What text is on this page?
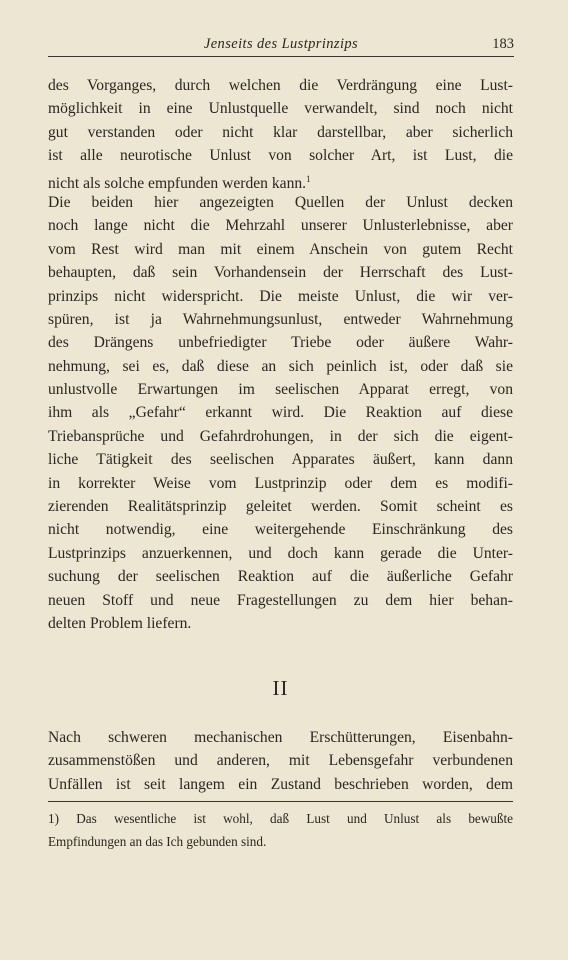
Jenseits des Lustprinzips	183
des Vorganges, durch welchen die Verdrängung eine Lust-
möglichkeit in eine Unlustquelle verwandelt, sind noch nicht
gut verstanden oder nicht klar darstellbar, aber sicherlich
ist alle neurotische Unlust von solcher Art, ist Lust, die
nicht als solche empfunden werden kann.$^1$
Die beiden hier angezeigten Quellen der Unlust decken
noch lange nicht die Mehrzahl unserer Unlusterlebnisse, aber
vom Rest wird man mit einem Anschein von gutem Recht
behaupten, daß sein Vorhandensein der Herrschaft des Lust-
prinzips nicht widerspricht. Die meiste Unlust, die wir ver-
spüren, ist ja Wahrnehmungsunlust, entweder Wahrnehmung
des Drängens unbefriedigter Triebe oder äußere Wahr-
nehmung, sei es, daß diese an sich peinlich ist, oder daß sie
unlustvolle Erwartungen im seelischen Apparat erregt, von
ihm als „Gefahr“ erkannt wird. Die Reaktion auf diese
Triebansprüche und Gefahrdrohungen, in der sich die eigent-
liche Tätigkeit des seelischen Apparates äußert, kann dann
in korrekter Weise vom Lustprinzip oder dem es modifi-
zierenden Realitätsprinzip geleitet werden. Somit scheint es
nicht notwendig, eine weitergehende Einschränkung des
Lustprinzips anzuerkennen, und doch kann gerade die Unter-
suchung der seelischen Reaktion auf die äußerliche Gefahr
neuen Stoff und neue Fragestellungen zu dem hier behan-
delten Problem liefern.
II
Nach schweren mechanischen Erschütterungen, Eisenbahn-
zusammenstößen und anderen, mit Lebensgefahr verbundenen
Unfällen ist seit langem ein Zustand beschrieben worden, dem
1) Das wesentliche ist wohl, daß Lust und Unlust als bewußte
Empfindungen an das Ich gebunden sind.
